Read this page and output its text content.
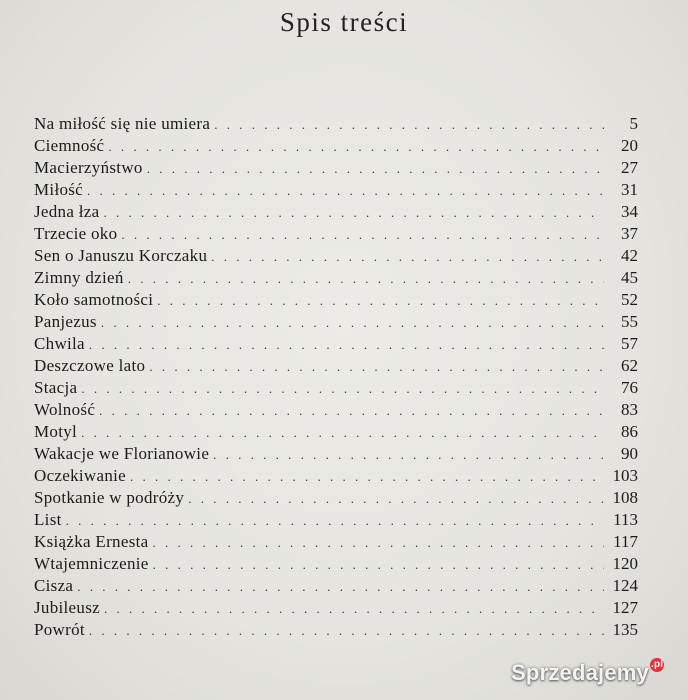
Spis treści
Na miłość się nie umiera . . .	5
Ciemność . . .	20
Macierzyństwo . . .	27
Miłość . . .	31
Jedna łza . . .	34
Trzecie oko . . .	37
Sen o Januszu Korczaku . . .	42
Zimny dzień . . .	45
Koło samotności . . .	52
Panjezus . . .	55
Chwila . . .	57
Deszczowe lato . . .	62
Stacja . . .	76
Wolność . . .	83
Motyl . . .	86
Wakacje we Florianowie . . .	90
Oczekiwanie . . .	103
Spotkanie w podróży . . .	108
List . . .	113
Książka Ernesta . . .	117
Wtajemniczenie . . .	120
Cisza . . .	124
Jubileusz . . .	127
Powrót . . .	135
Sprzedajemy .pl
